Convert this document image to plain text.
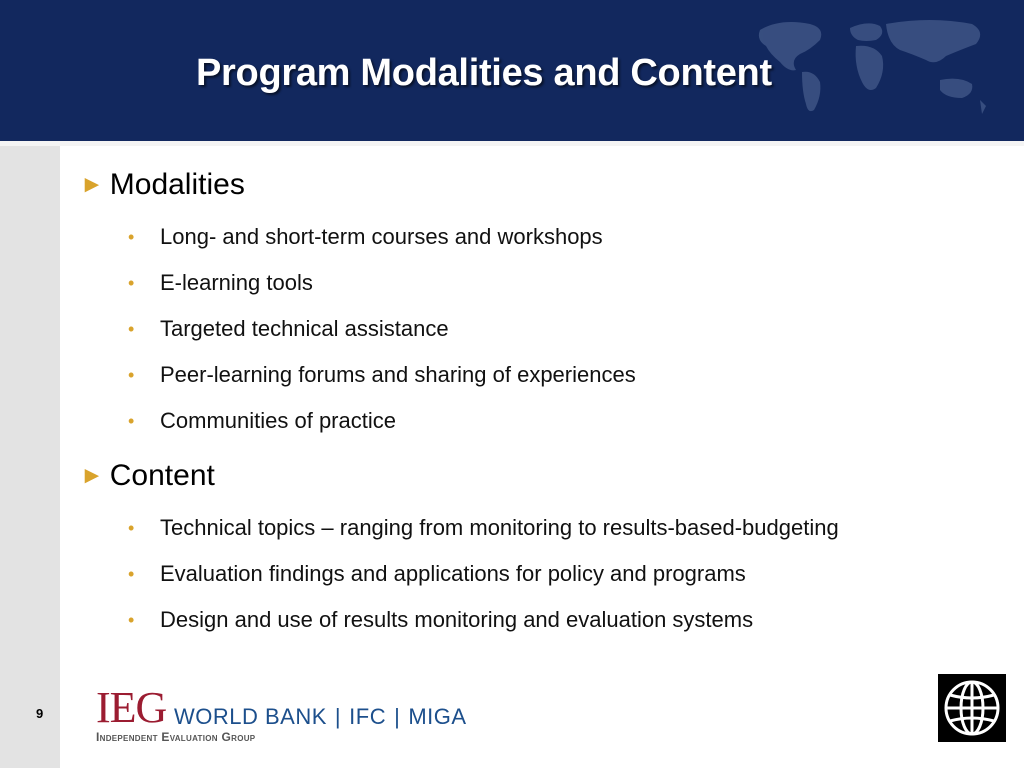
Program Modalities and Content
► Modalities
• Long- and short-term courses and workshops
• E-learning tools
• Targeted technical assistance
• Peer-learning forums and sharing of experiences
• Communities of practice
► Content
• Technical topics – ranging from monitoring to results-based-budgeting
• Evaluation findings and applications for policy and programs
• Design and use of results monitoring and evaluation systems
9 IEG WORLD BANK | IFC | MIGA
Independent Evaluation Group
